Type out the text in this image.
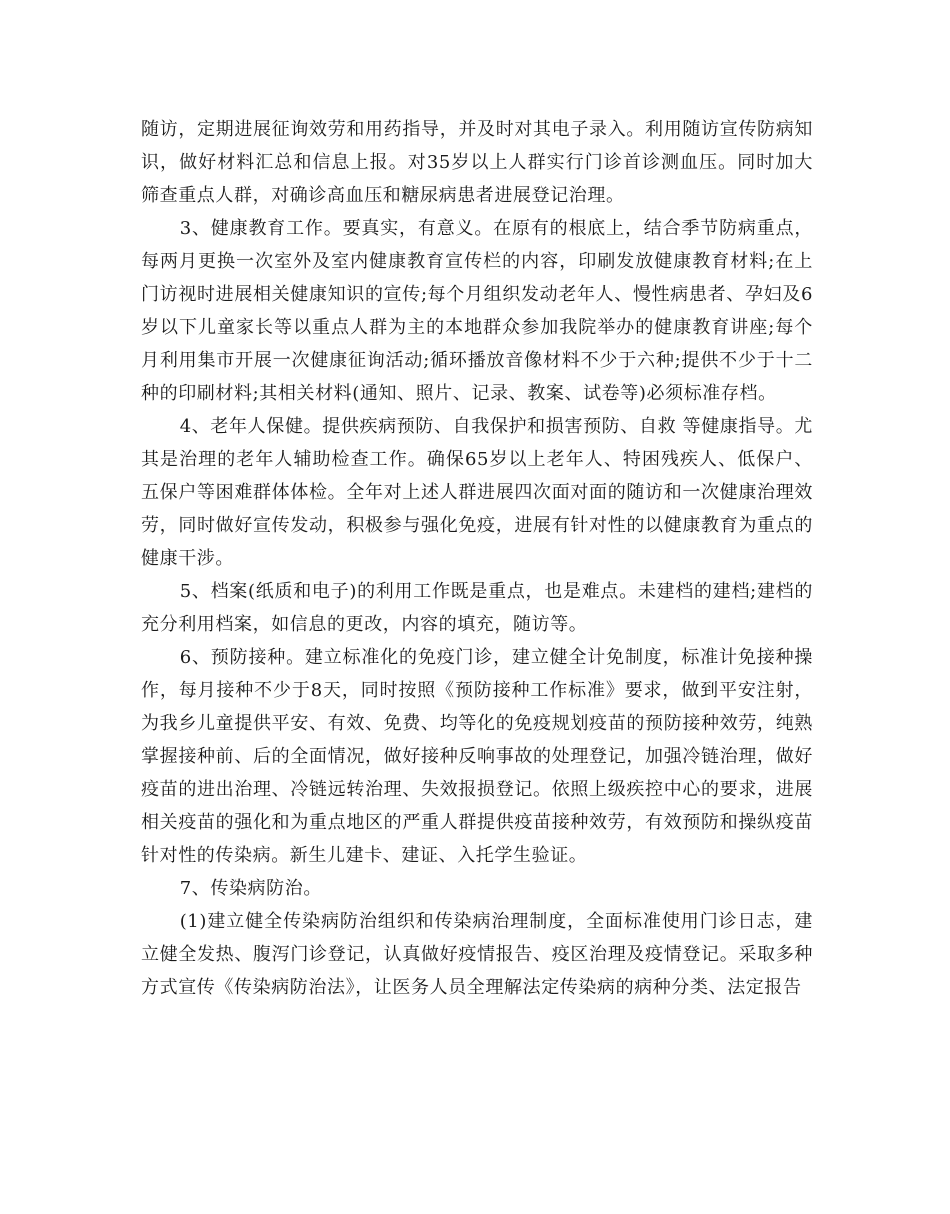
随访，定期进展征询效劳和用药指导，并及时对其电子录入。利用随访宣传防病知识，做好材料汇总和信息上报。对35岁以上人群实行门诊首诊测血压。同时加大筛查重点人群，对确诊高血压和糖尿病患者进展登记治理。

3、健康教育工作。要真实，有意义。在原有的根底上，结合季节防病重点，每两月更换一次室外及室内健康教育宣传栏的内容，印刷发放健康教育材料;在上门访视时进展相关健康知识的宣传;每个月组织发动老年人、慢性病患者、孕妇及6岁以下儿童家长等以重点人群为主的本地群众参加我院举办的健康教育讲座;每个月利用集市开展一次健康征询活动;循环播放音像材料不少于六种;提供不少于十二种的印刷材料;其相关材料(通知、照片、记录、教案、试卷等)必须标准存档。

4、老年人保健。提供疾病预防、自我保护和损害预防、自救 等健康指导。尤其是治理的老年人辅助检查工作。确保65岁以上老年人、特困残疾人、低保户、五保户等困难群体体检。全年对上述人群进展四次面对面的随访和一次健康治理效劳，同时做好宣传发动，积极参与强化免疫，进展有针对性的以健康教育为重点的健康干涉。

5、档案(纸质和电子)的利用工作既是重点，也是难点。未建档的建档;建档的充分利用档案，如信息的更改，内容的填充，随访等。

6、预防接种。建立标准化的免疫门诊，建立健全计免制度，标准计免接种操作，每月接种不少于8天，同时按照《预防接种工作标准》要求，做到平安注射，为我乡儿童提供平安、有效、免费、均等化的免疫规划疫苗的预防接种效劳，纯熟掌握接种前、后的全面情况，做好接种反响事故的处理登记，加强冷链治理，做好疫苗的进出治理、冷链远转治理、失效报损登记。依照上级疾控中心的要求，进展相关疫苗的强化和为重点地区的严重人群提供疫苗接种效劳，有效预防和操纵疫苗针对性的传染病。新生儿建卡、建证、入托学生验证。

7、传染病防治。

(1)建立健全传染病防治组织和传染病治理制度，全面标准使用门诊日志，建立健全发热、腹泻门诊登记，认真做好疫情报告、疫区治理及疫情登记。采取多种方式宣传《传染病防治法》，让医务人员全理解法定传染病的病种分类、法定报告
